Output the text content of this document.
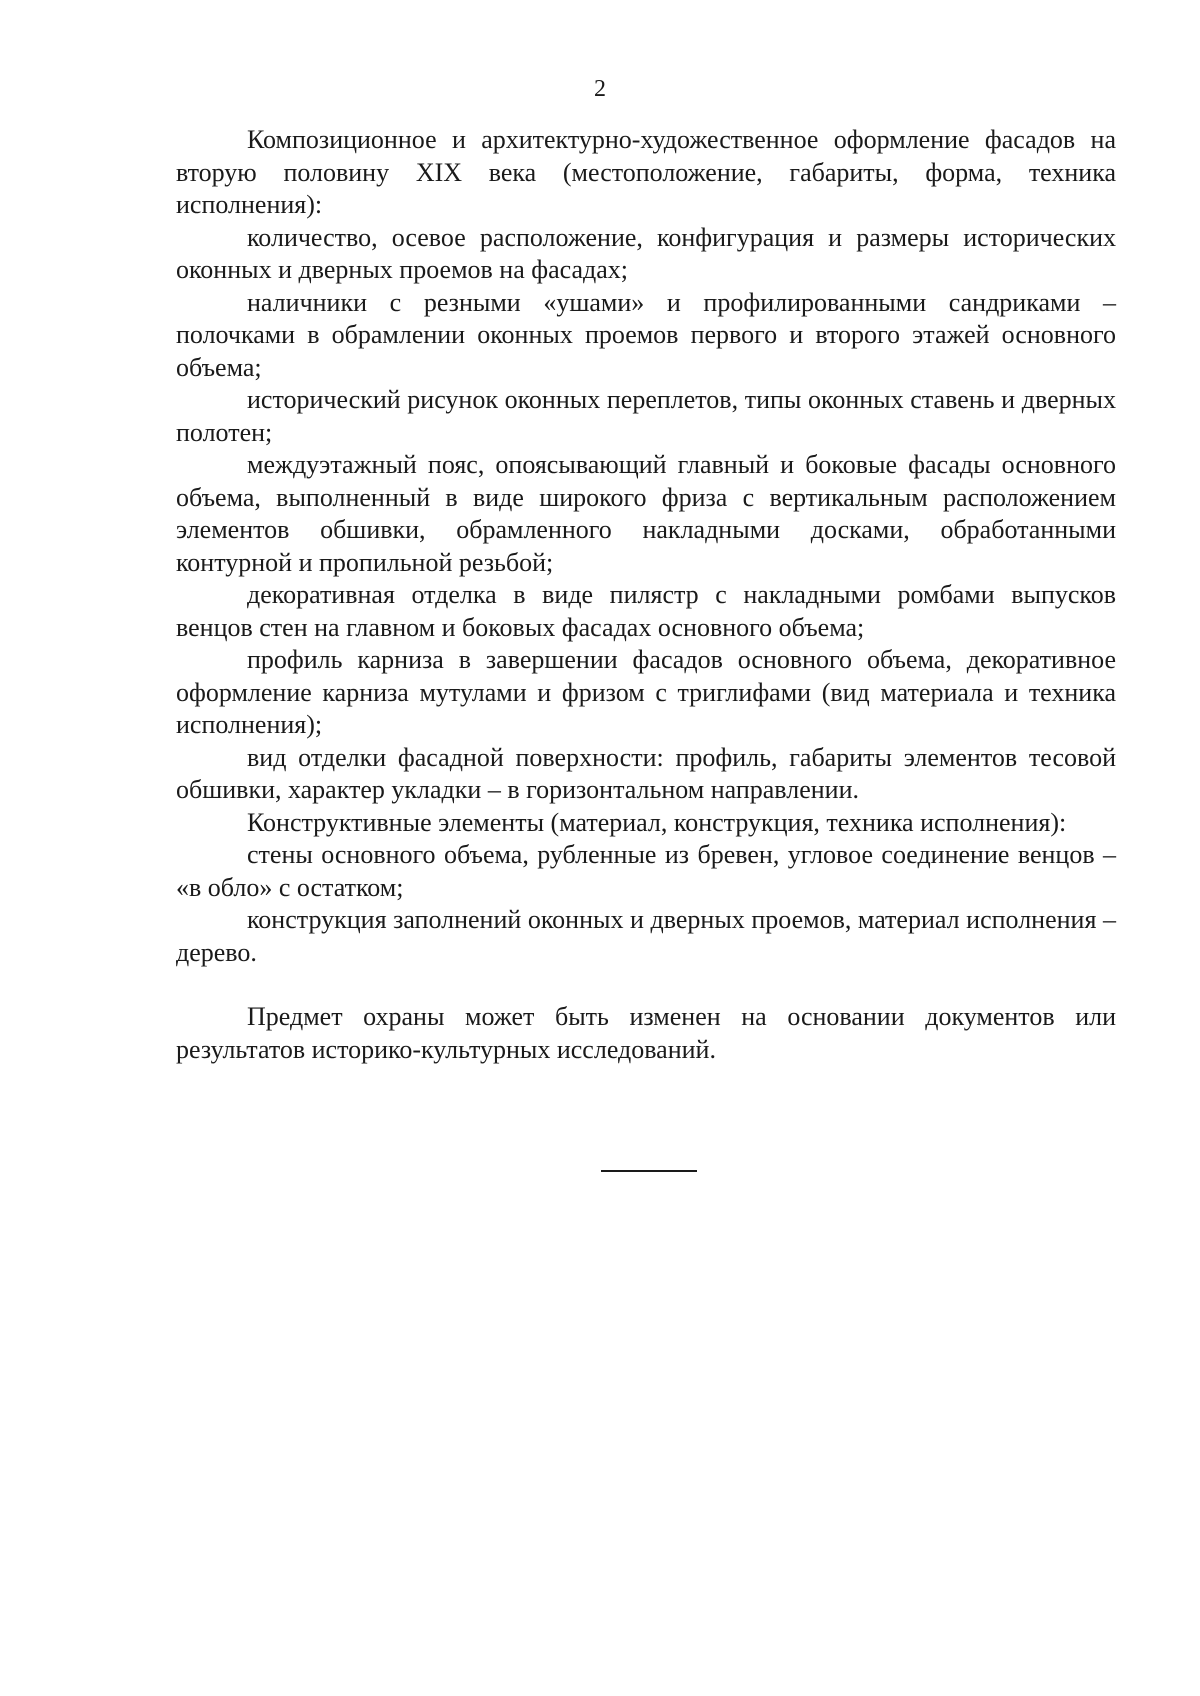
2

Композиционное и архитектурно-художественное оформление фасадов на вторую половину XIX века (местоположение, габариты, форма, техника исполнения):

количество, осевое расположение, конфигурация и размеры исторических оконных и дверных проемов на фасадах;

наличники с резными «ушами» и профилированными сандриками – полочками в обрамлении оконных проемов первого и второго этажей основного объема;

исторический рисунок оконных переплетов, типы оконных ставень и дверных полотен;

междуэтажный пояс, опоясывающий главный и боковые фасады основного объема, выполненный в виде широкого фриза с вертикальным расположением элементов обшивки, обрамленного накладными досками, обработанными контурной и пропильной резьбой;

декоративная отделка в виде пилястр с накладными ромбами выпусков венцов стен на главном и боковых фасадах основного объема;

профиль карниза в завершении фасадов основного объема, декоративное оформление карниза мутулами и фризом с триглифами (вид материала и техника исполнения);

вид отделки фасадной поверхности: профиль, габариты элементов тесовой обшивки, характер укладки – в горизонтальном направлении.

Конструктивные элементы (материал, конструкция, техника исполнения):

стены основного объема, рубленные из бревен, угловое соединение венцов – «в обло» с остатком;

конструкция заполнений оконных и дверных проемов, материал исполнения – дерево.

Предмет охраны может быть изменен на основании документов или результатов историко-культурных исследований.
